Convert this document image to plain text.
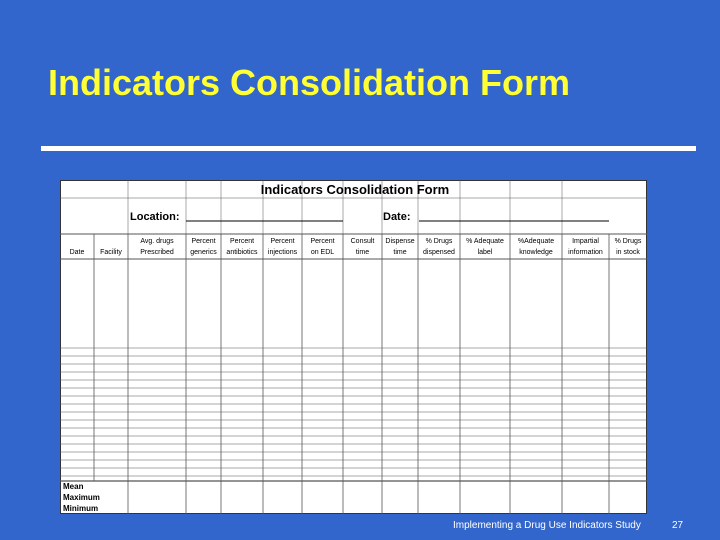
Indicators Consolidation Form
Indicators Consolidation Form
Location:	Date:
Date Facility
Avg. drugs
Prescribed
Percent
generics
Percent
antibiotics
Percent
injections
Percent
on EDL
Consult
time
Dispense
time
% Drugs
dispensed
% Adequate
label
%Adequate
knowledge
Impartial
information
% Drugs
in stock
Mean
Maximum
Minimum
Implementing a Drug Use Indicators Study	27
